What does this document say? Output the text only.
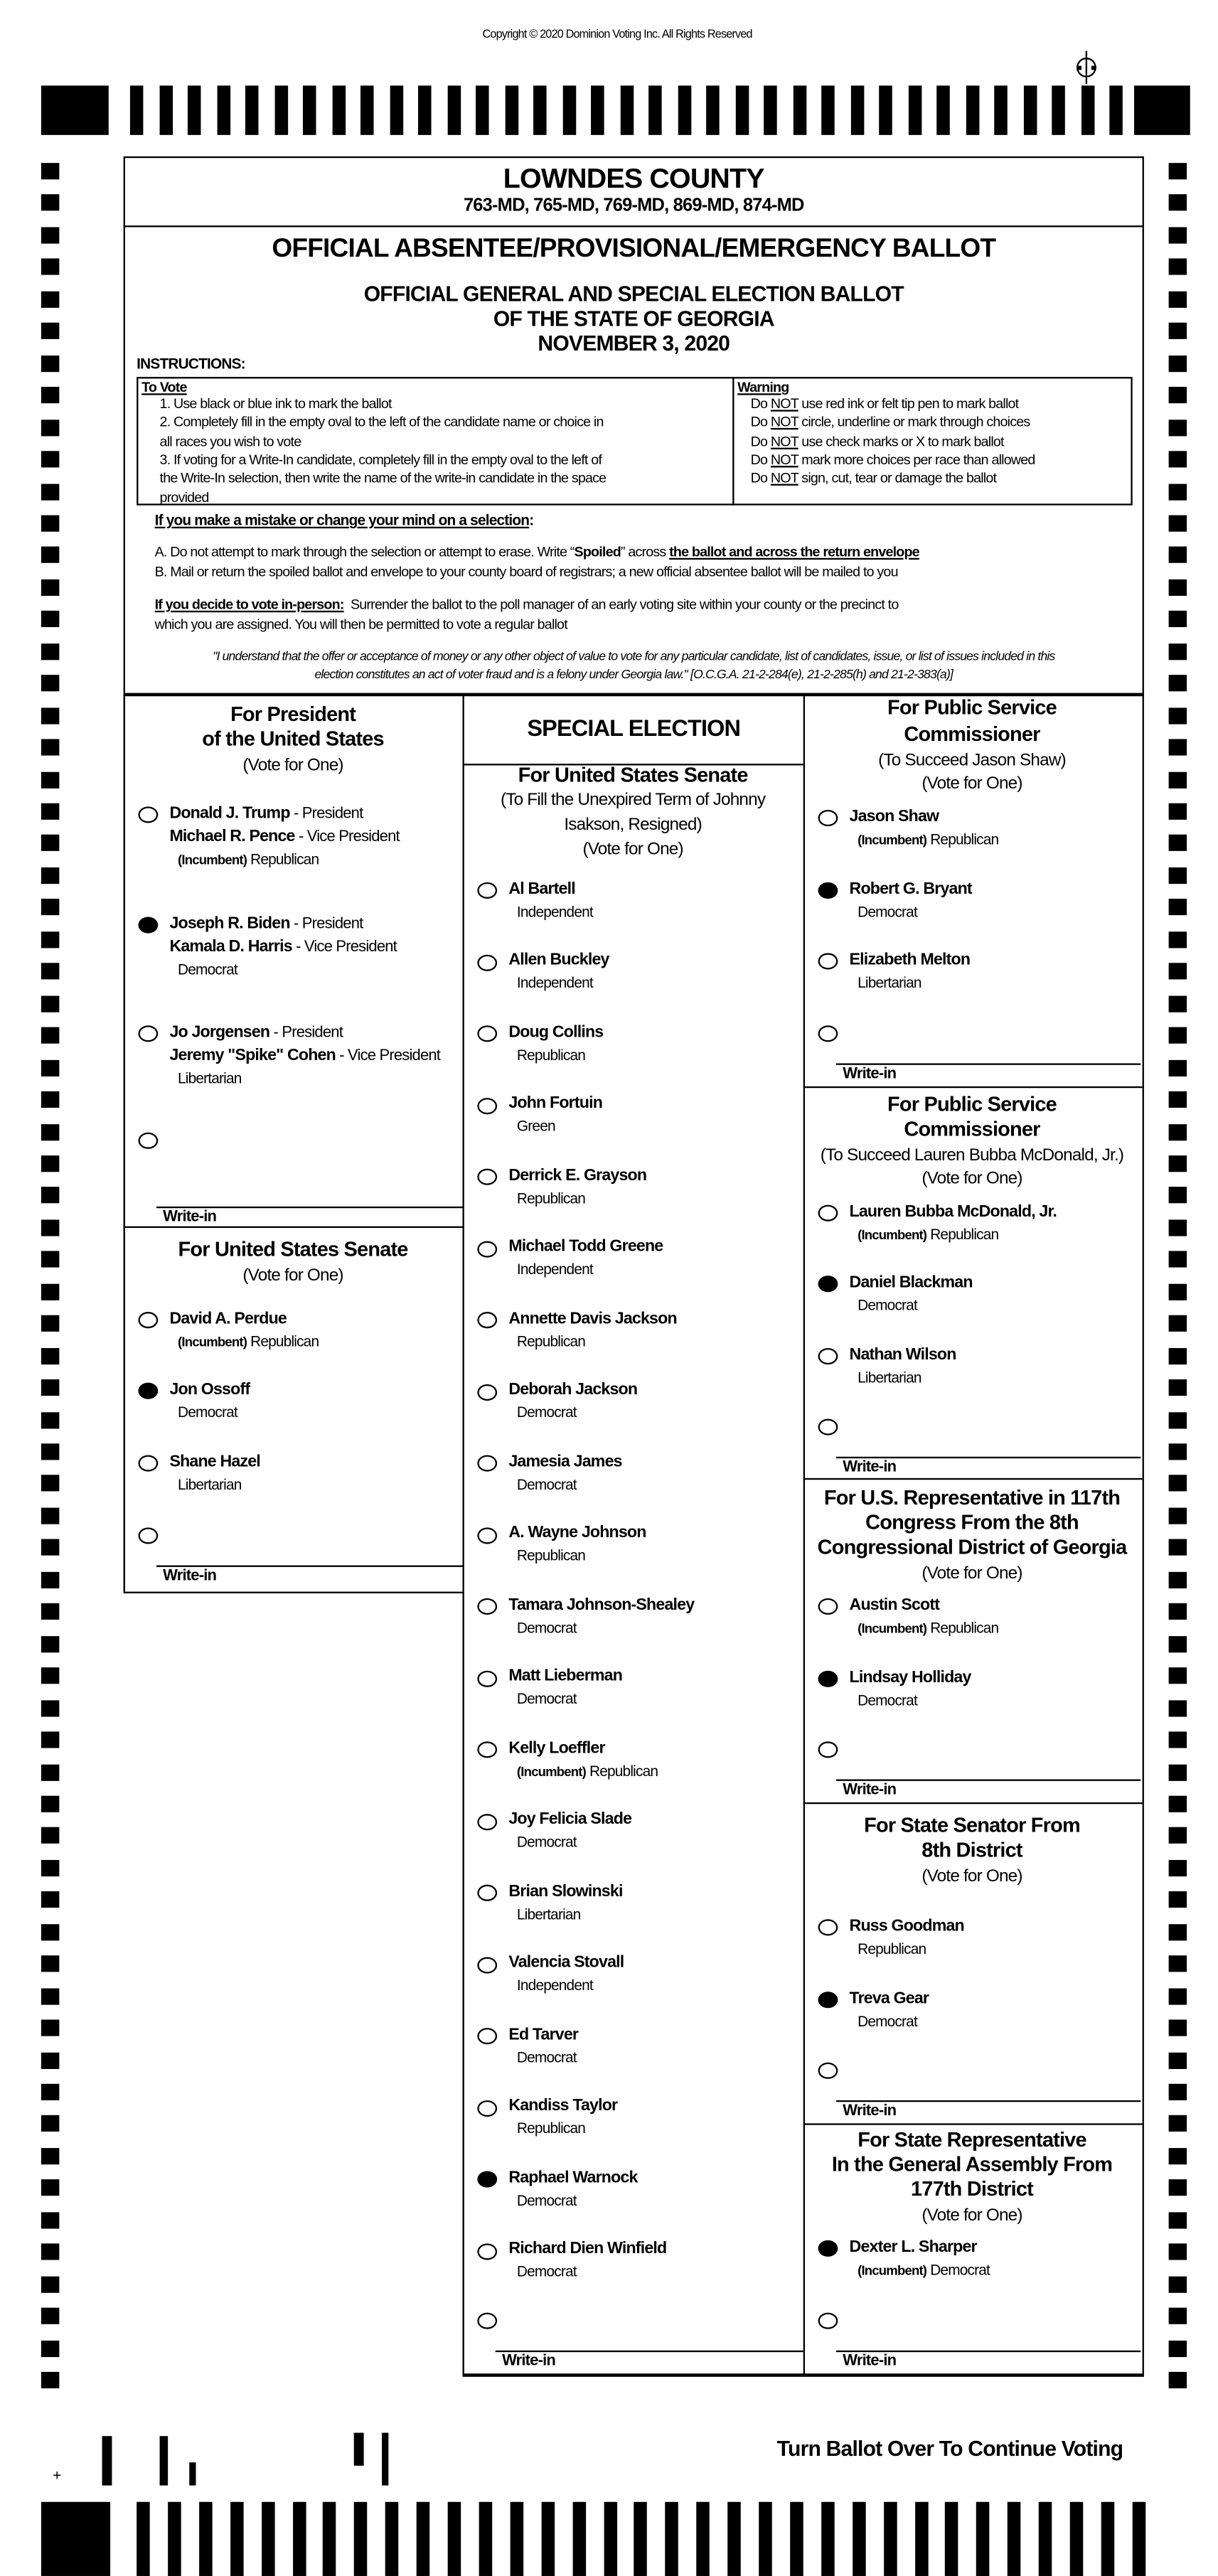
Copyright © 2020 Dominion Voting Inc. All Rights Reserved
+
LOWNDES COUNTY
763-MD, 765-MD, 769-MD, 869-MD, 874-MD
OFFICIAL ABSENTEE/PROVISIONAL/EMERGENCY BALLOT
OFFICIAL GENERAL AND SPECIAL ELECTION BALLOT
OF THE STATE OF GEORGIA
NOVEMBER 3, 2020
INSTRUCTIONS:
To Vote
1. Use black or blue ink to mark the ballot
2. Completely fill in the empty oval to the left of the candidate name or choice in
all races you wish to vote
3. If voting for a Write-In candidate, completely fill in the empty oval to the left of
the Write-In selection, then write the name of the write-in candidate in the space
provided
Warning
Do NOT use red ink or felt tip pen to mark ballot
Do NOT circle, underline or mark through choices
Do NOT use check marks or X to mark ballot
Do NOT mark more choices per race than allowed
Do NOT sign, cut, tear or damage the ballot
If you make a mistake or change your mind on a selection:
A. Do not attempt to mark through the selection or attempt to erase. Write “Spoiled” across the ballot and across the return envelope
B. Mail or return the spoiled ballot and envelope to your county board of registrars; a new official absentee ballot will be mailed to you
If you decide to vote in-person: Surrender the ballot to the poll manager of an early voting site within your county or the precinct to
which you are assigned. You will then be permitted to vote a regular ballot
"I understand that the offer or acceptance of money or any other object of value to vote for any particular candidate, list of candidates, issue, or list of issues included in this
election constitutes an act of voter fraud and is a felony under Georgia law." [O.C.G.A. 21-2-284(e), 21-2-285(h) and 21-2-383(a)]
SPECIAL ELECTION
For President
of the United States
(Vote for One)
Donald J. Trump - President
Michael R. Pence - Vice President
(Incumbent) Republican
Joseph R. Biden - President
Kamala D. Harris - Vice President
Democrat
Jo Jorgensen - President
Jeremy "Spike" Cohen - Vice President
Libertarian
Write-in
For United States Senate
(Vote for One)
David A. Perdue
(Incumbent) Republican
Jon Ossoff
Democrat
Shane Hazel
Libertarian
Write-in
For United States Senate
(To Fill the Unexpired Term of Johnny
Isakson, Resigned)
(Vote for One)
Al Bartell
Independent
Allen Buckley
Independent
Doug Collins
Republican
John Fortuin
Green
Derrick E. Grayson
Republican
Michael Todd Greene
Independent
Annette Davis Jackson
Republican
Deborah Jackson
Democrat
Jamesia James
Democrat
A. Wayne Johnson
Republican
Tamara Johnson-Shealey
Democrat
Matt Lieberman
Democrat
Kelly Loeffler
(Incumbent) Republican
Joy Felicia Slade
Democrat
Brian Slowinski
Libertarian
Valencia Stovall
Independent
Ed Tarver
Democrat
Kandiss Taylor
Republican
Raphael Warnock
Democrat
Richard Dien Winfield
Democrat
Write-in
For Public Service
Commissioner
(To Succeed Jason Shaw)
(Vote for One)
Jason Shaw
(Incumbent) Republican
Robert G. Bryant
Democrat
Elizabeth Melton
Libertarian
Write-in
For Public Service
Commissioner
(To Succeed Lauren Bubba McDonald, Jr.)
(Vote for One)
Lauren Bubba McDonald, Jr.
(Incumbent) Republican
Daniel Blackman
Democrat
Nathan Wilson
Libertarian
Write-in
For U.S. Representative in 117th
Congress From the 8th
Congressional District of Georgia
(Vote for One)
Austin Scott
(Incumbent) Republican
Lindsay Holliday
Democrat
Write-in
For State Senator From
8th District
(Vote for One)
Russ Goodman
Republican
Treva Gear
Democrat
Write-in
For State Representative
In the General Assembly From
177th District
(Vote for One)
Dexter L. Sharper
(Incumbent) Democrat
Write-in
Turn Ballot Over To Continue Voting
